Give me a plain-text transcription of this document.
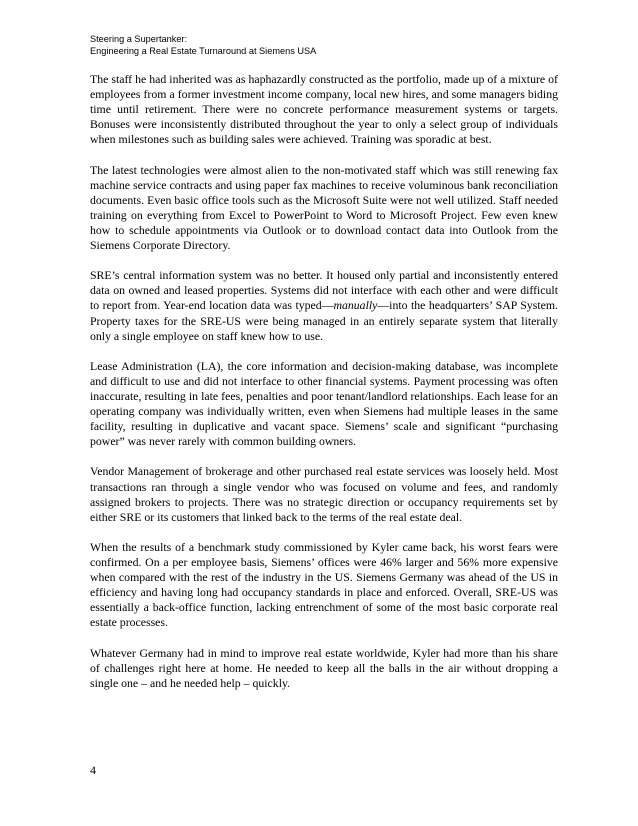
Steering a Supertanker:
Engineering a Real Estate Turnaround at Siemens USA

The staff he had inherited was as haphazardly constructed as the portfolio, made up of a mixture of employees from a former investment income company, local new hires, and some managers biding time until retirement. There were no concrete performance measurement systems or targets. Bonuses were inconsistently distributed throughout the year to only a select group of individuals when milestones such as building sales were achieved. Training was sporadic at best.

The latest technologies were almost alien to the non-motivated staff which was still renewing fax machine service contracts and using paper fax machines to receive voluminous bank reconciliation documents. Even basic office tools such as the Microsoft Suite were not well utilized. Staff needed training on everything from Excel to PowerPoint to Word to Microsoft Project. Few even knew how to schedule appointments via Outlook or to download contact data into Outlook from the Siemens Corporate Directory.

SRE’s central information system was no better. It housed only partial and inconsistently entered data on owned and leased properties. Systems did not interface with each other and were difficult to report from. Year-end location data was typed—manually—into the headquarters’ SAP System. Property taxes for the SRE-US were being managed in an entirely separate system that literally only a single employee on staff knew how to use.

Lease Administration (LA), the core information and decision-making database, was incomplete and difficult to use and did not interface to other financial systems. Payment processing was often inaccurate, resulting in late fees, penalties and poor tenant/landlord relationships. Each lease for an operating company was individually written, even when Siemens had multiple leases in the same facility, resulting in duplicative and vacant space. Siemens’ scale and significant “purchasing power” was never rarely with common building owners.

Vendor Management of brokerage and other purchased real estate services was loosely held. Most transactions ran through a single vendor who was focused on volume and fees, and randomly assigned brokers to projects. There was no strategic direction or occupancy requirements set by either SRE or its customers that linked back to the terms of the real estate deal.

When the results of a benchmark study commissioned by Kyler came back, his worst fears were confirmed. On a per employee basis, Siemens’ offices were 46% larger and 56% more expensive when compared with the rest of the industry in the US. Siemens Germany was ahead of the US in efficiency and having long had occupancy standards in place and enforced. Overall, SRE-US was essentially a back-office function, lacking entrenchment of some of the most basic corporate real estate processes.

Whatever Germany had in mind to improve real estate worldwide, Kyler had more than his share of challenges right here at home. He needed to keep all the balls in the air without dropping a single one – and he needed help – quickly.

4
